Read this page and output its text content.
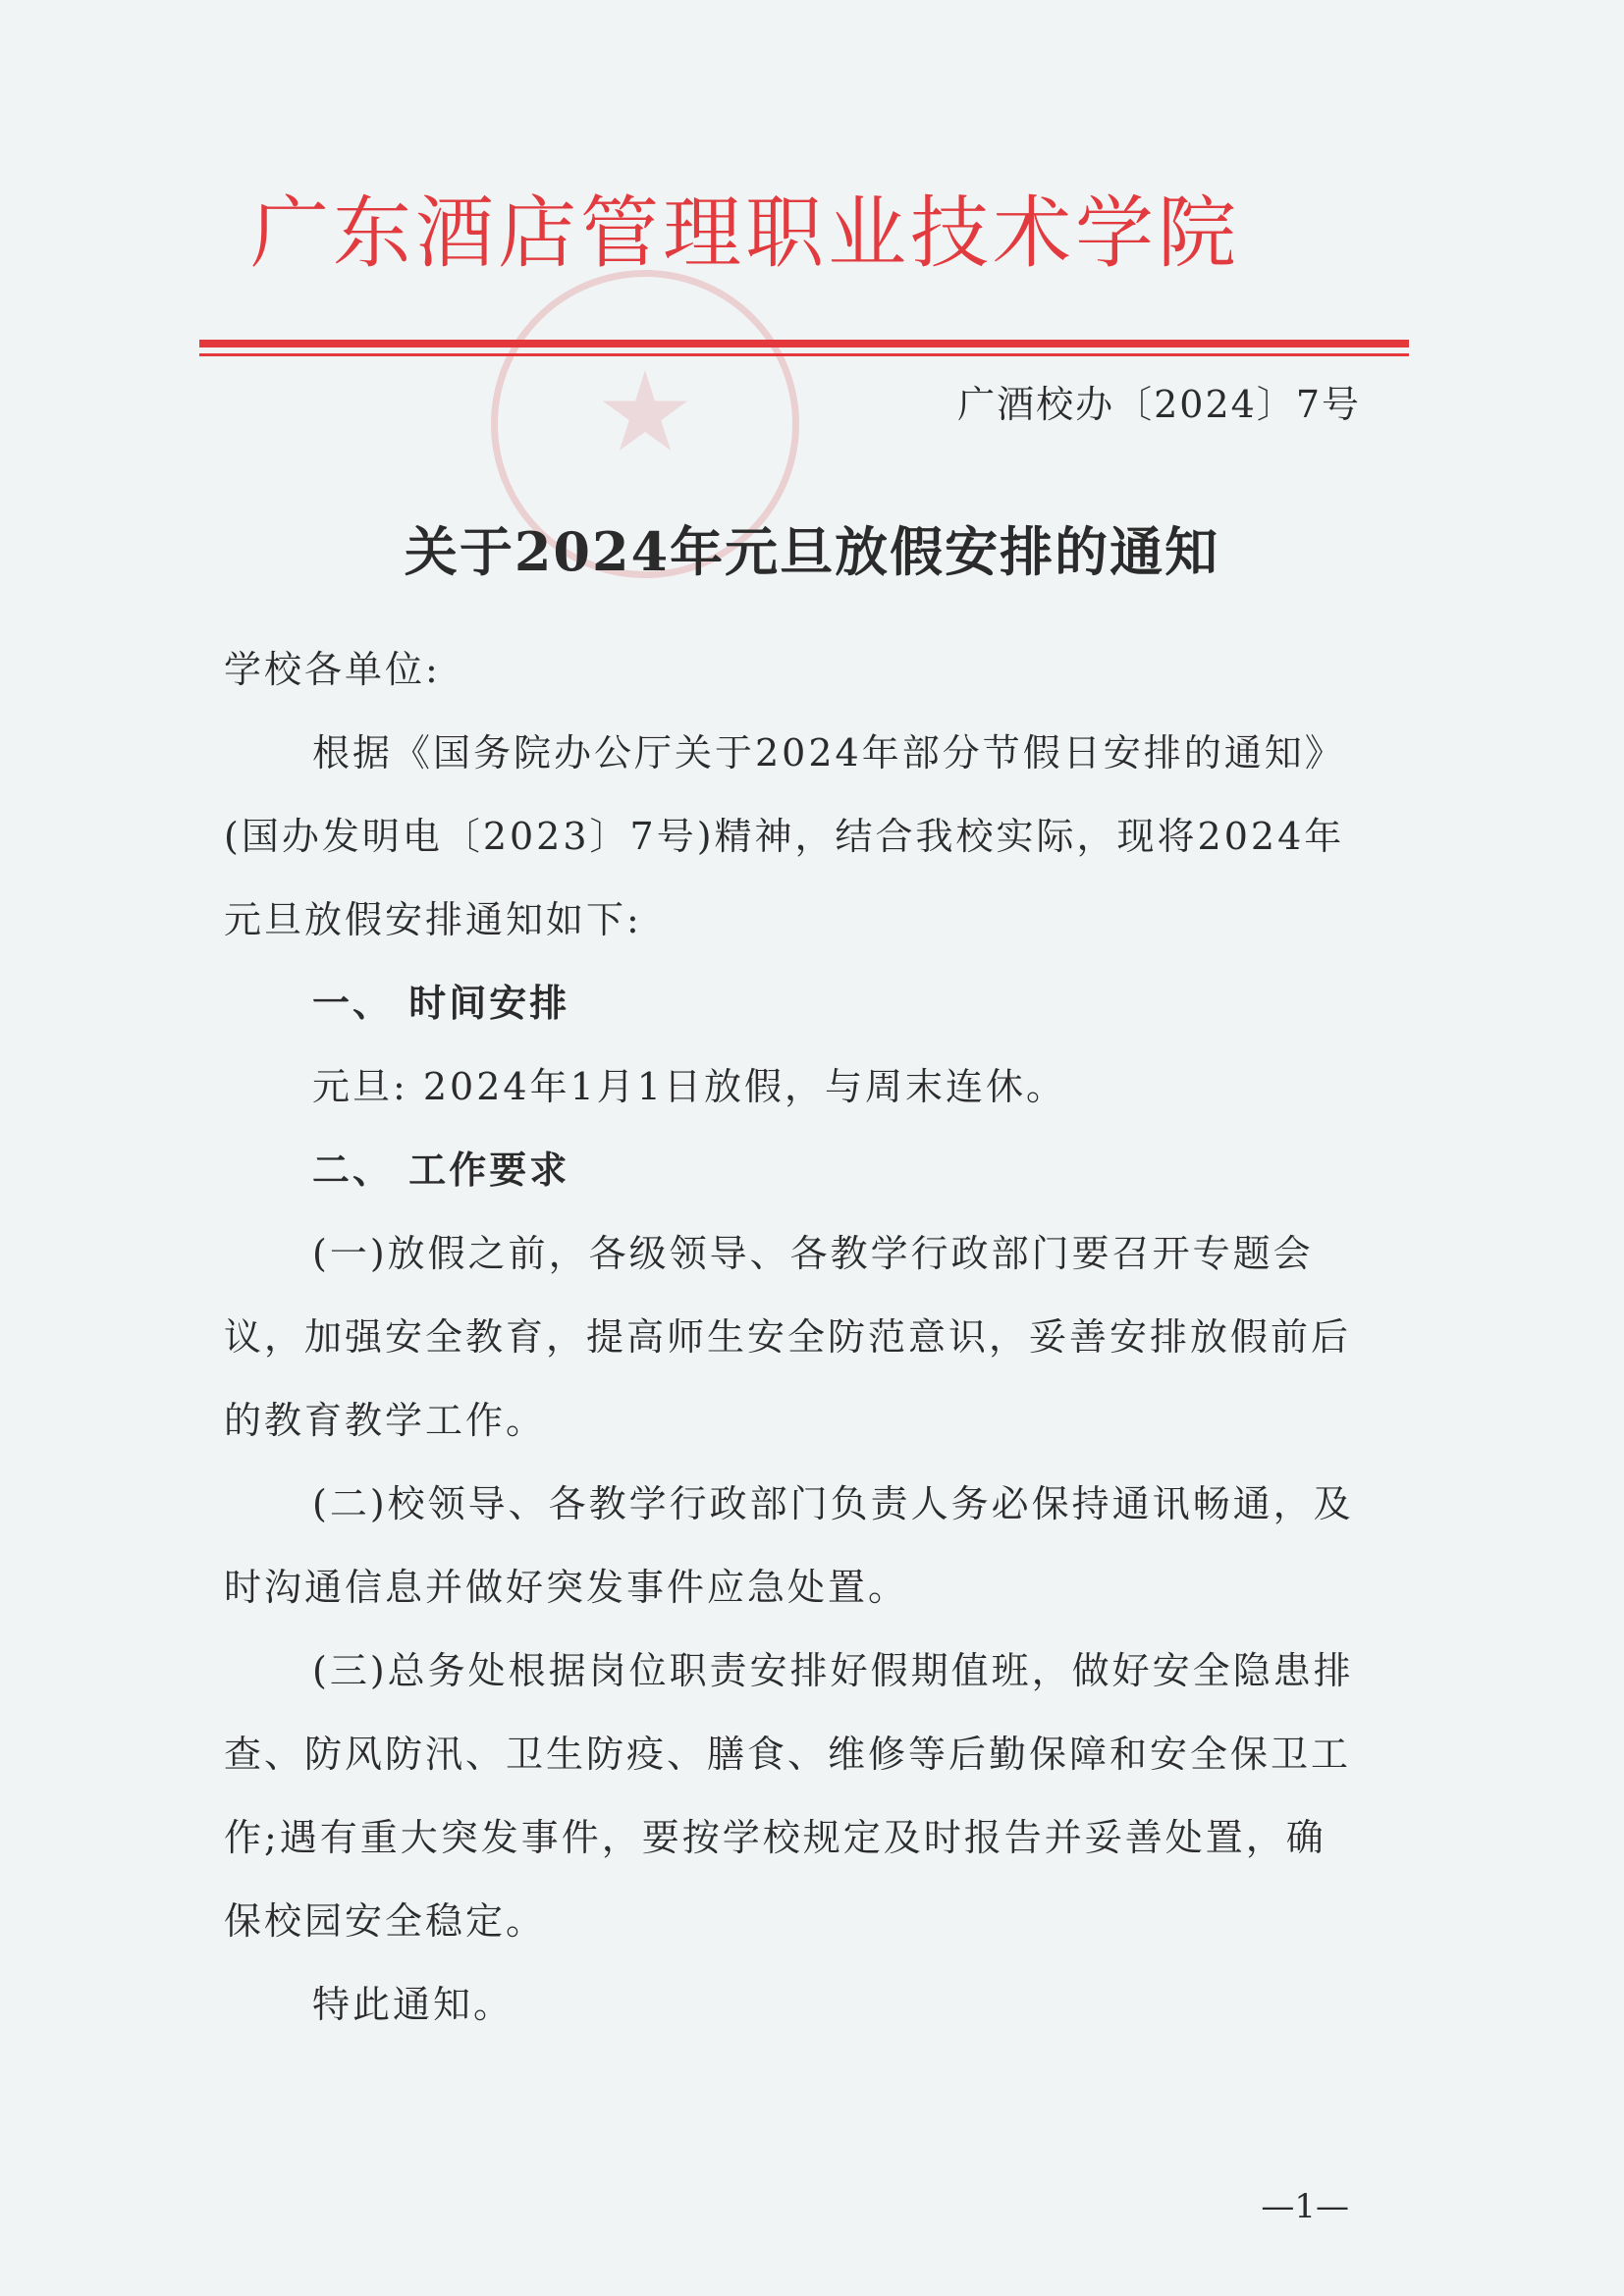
广东酒店管理职业技术学院
广酒校办〔2024〕7号
关于2024年元旦放假安排的通知

学校各单位:

根据《国务院办公厅关于2024年部分节假日安排的通知》(国办发明电〔2023〕7号)精神，结合我校实际，现将2024年元旦放假安排通知如下:

一、 时间安排

元旦: 2024年1月1日放假，与周末连休。

二、 工作要求

(一)放假之前，各级领导、各教学行政部门要召开专题会议，加强安全教育，提高师生安全防范意识，妥善安排放假前后的教育教学工作。

(二)校领导、各教学行政部门负责人务必保持通讯畅通，及时沟通信息并做好突发事件应急处置。

(三)总务处根据岗位职责安排好假期值班，做好安全隐患排查、防风防汛、卫生防疫、膳食、维修等后勤保障和安全保卫工作;遇有重大突发事件，要按学校规定及时报告并妥善处置，确保校园安全稳定。

特此通知。

—1—
